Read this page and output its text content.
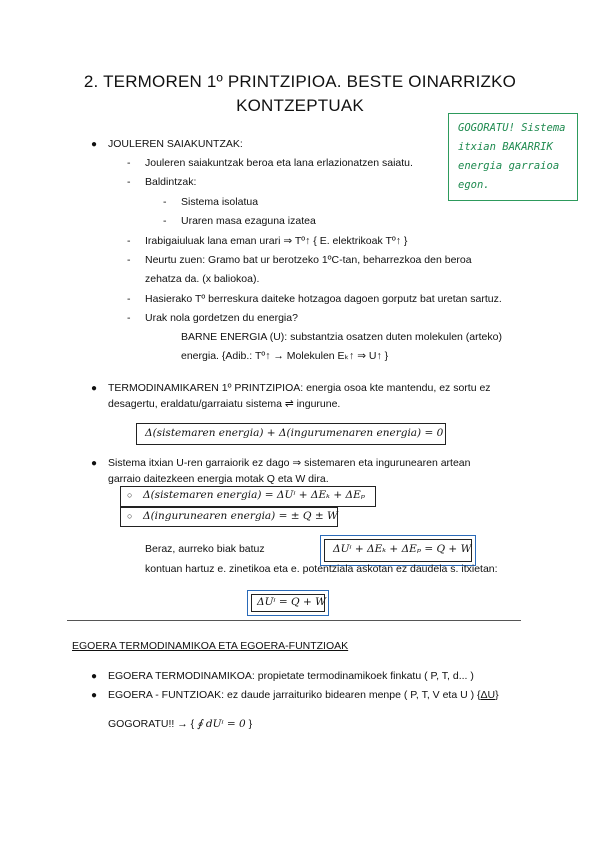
2. TERMOREN 1º PRINTZIPIOA. BESTE OINARRIZKO
KONTZEPTUAK
GOGORATU! Sistema
itxian BAKARRIK
energia garraioa
egon.
● JOULEREN SAIAKUNTZAK:
- Jouleren saiakuntzak beroa eta lana erlazionatzen saiatu.
- Baldintzak:
- Sistema isolatua
- Uraren masa ezaguna izatea
- Irabigaiuluak lana eman urari ⇒ Tº↑ { E. elektrikoak Tº↑ }
- Neurtu zuen: Gramo bat ur berotzeko 1ºC-tan, beharrezkoa den beroa
zehatza da. (x baliokoa).
- Hasierako Tº berreskura daiteke hotzagoa dagoen gorputz bat uretan sartuz.
- Urak nola gordetzen du energia?
BARNE ENERGIA (U): substantzia osatzen duten molekulen (arteko)
energia. {Adib.: Tº↑ → Molekulen Eₖ↑ ⇒ U↑ }
● TERMODINAMIKAREN 1º PRINTZIPIOA: energia osoa kte mantendu, ez sortu ez
desagertu, eraldatu/garraiatu sistema ⇌ ingurune.
Δ(sistemaren energia) + Δ(ingurumenaren energia) = 0
● Sistema itxian U-ren garraiorik ez dago ⇒ sistemaren eta ingurunearen artean
garraio daitezkeen energia motak Q eta W dira.
○ Δ(sistemaren energia) = ΔUᶦ + ΔEₖ + ΔEₚ
○ Δ(ingurunearen energia) = ± Q ± W
Beraz, aurreko biak batuz	ΔUᶦ + ΔEₖ + ΔEₚ = Q + W
kontuan hartuz e. zinetikoa eta e. potentziala askotan ez daudela s. itxietan:
ΔUᶦ = Q + W
EGOERA TERMODINAMIKOA ETA EGOERA-FUNTZIOAK
● EGOERA TERMODINAMIKOA: propietate termodinamikoek finkatu ( P, T, d... )
● EGOERA - FUNTZIOAK: ez daude jarraituriko bidearen menpe ( P, T, V eta U ) {ΔU}
GOGORATU!! → { ∮ dUᶦ = 0 }
